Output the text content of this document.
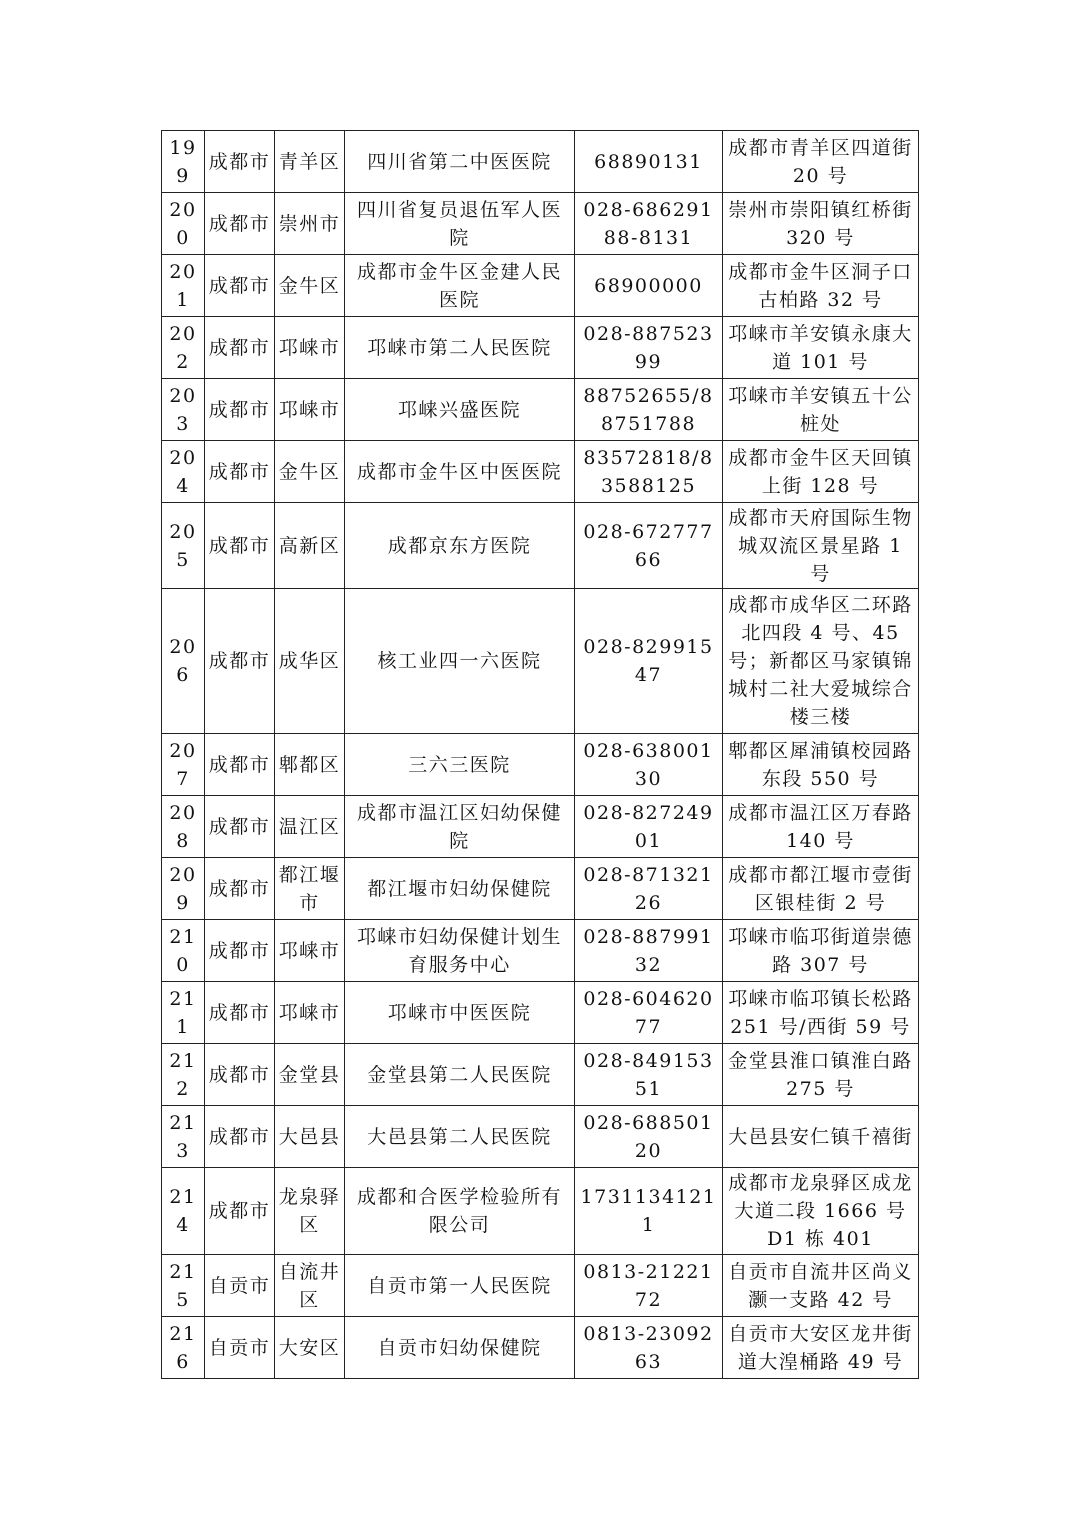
199	成都市	青羊区	四川省第二中医医院	68890131	成都市青羊区四道街 20 号
200	成都市	崇州市	四川省复员退伍军人医院	028-68629188-8131	崇州市崇阳镇红桥街 320 号
201	成都市	金牛区	成都市金牛区金建人民医院	68900000	成都市金牛区洞子口古柏路 32 号
202	成都市	邛崃市	邛崃市第二人民医院	028-88752399	邛崃市羊安镇永康大道 101 号
203	成都市	邛崃市	邛崃兴盛医院	88752655/88751788	邛崃市羊安镇五十公桩处
204	成都市	金牛区	成都市金牛区中医医院	83572818/83588125	成都市金牛区天回镇上街 128 号
205	成都市	高新区	成都京东方医院	028-67277766	成都市天府国际生物城双流区景星路 1 号
206	成都市	成华区	核工业四一六医院	028-82991547	成都市成华区二环路北四段 4 号、45号；新都区马家镇锦城村二社大爱城综合楼三楼
207	成都市	郫都区	三六三医院	028-63800130	郫都区犀浦镇校园路东段 550 号
208	成都市	温江区	成都市温江区妇幼保健院	028-82724901	成都市温江区万春路 140 号
209	成都市	都江堰市	都江堰市妇幼保健院	028-87132126	成都市都江堰市壹街区银桂街 2 号
210	成都市	邛崃市	邛崃市妇幼保健计划生育服务中心	028-88799132	邛崃市临邛街道崇德路 307 号
211	成都市	邛崃市	邛崃市中医医院	028-60462077	邛崃市临邛镇长松路 251 号/西街 59 号
212	成都市	金堂县	金堂县第二人民医院	028-84915351	金堂县淮口镇淮白路 275 号
213	成都市	大邑县	大邑县第二人民医院	028-68850120	大邑县安仁镇千禧街
214	成都市	龙泉驿区	成都和合医学检验所有限公司	17311341211	成都市龙泉驿区成龙大道二段 1666 号 D1 栋 401
215	自贡市	自流井区	自贡市第一人民医院	0813-2122172	自贡市自流井区尚义灏一支路 42 号
216	自贡市	大安区	自贡市妇幼保健院	0813-2309263	自贡市大安区龙井街道大湟桶路 49 号
